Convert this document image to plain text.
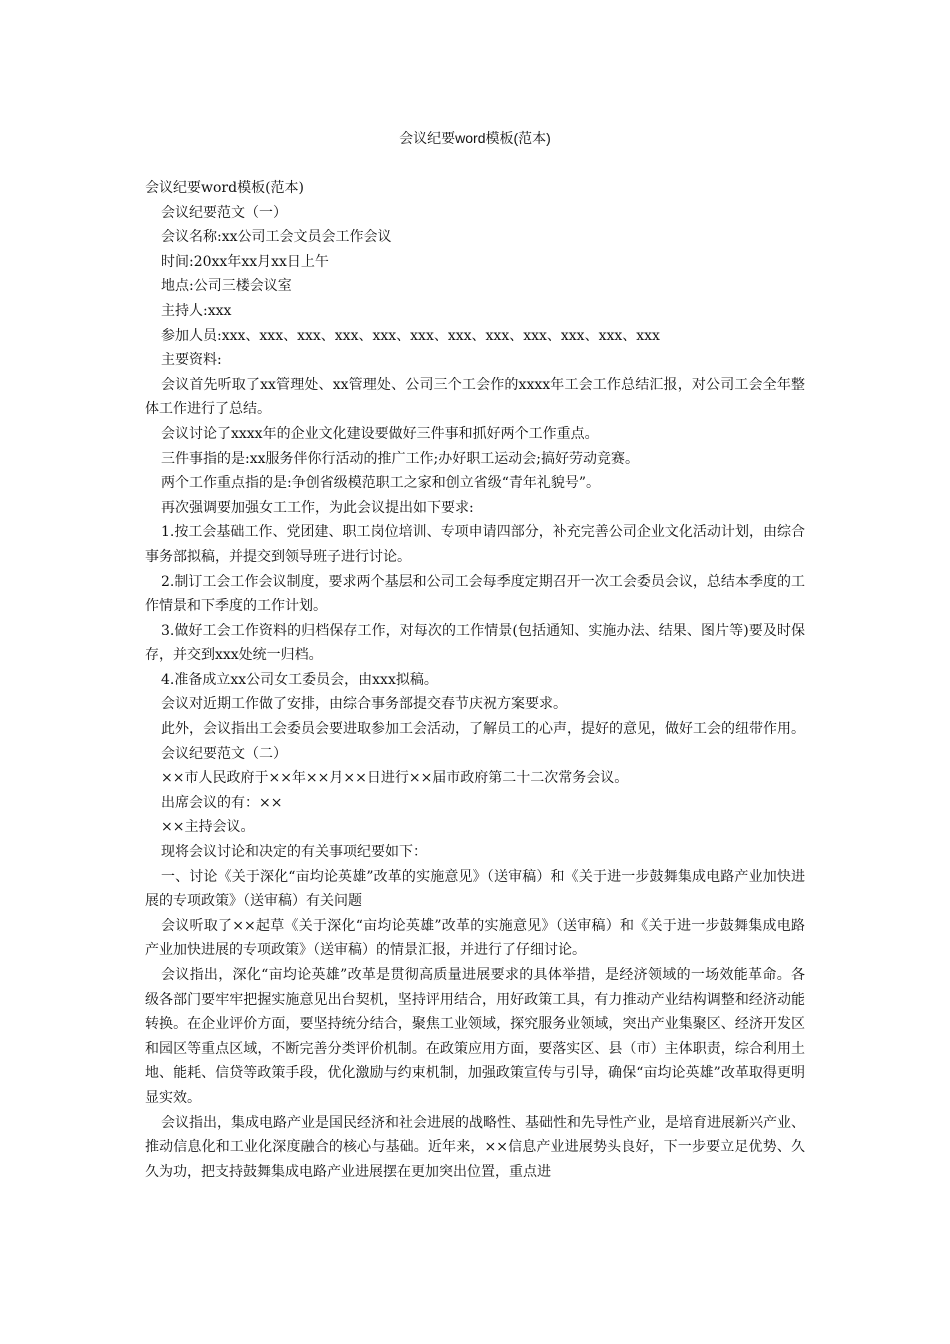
会议纪要word模板(范本)

会议纪要word模板(范本)

会议纪要范文（一）

会议名称:xx公司工会文员会工作会议

时间:20xx年xx月xx日上午

地点:公司三楼会议室

主持人:xxx

参加人员:xxx、xxx、xxx、xxx、xxx、xxx、xxx、xxx、xxx、xxx、xxx、xxx

主要资料:

会议首先听取了xx管理处、xx管理处、公司三个工会作的xxxx年工会工作总结汇报，对公司工会全年整体工作进行了总结。

会议讨论了xxxx年的企业文化建设要做好三件事和抓好两个工作重点。

三件事指的是:xx服务伴你行活动的推广工作;办好职工运动会;搞好劳动竞赛。

两个工作重点指的是:争创省级模范职工之家和创立省级“青年礼貌号”。

再次强调要加强女工工作，为此会议提出如下要求:

1.按工会基础工作、党团建、职工岗位培训、专项申请四部分，补充完善公司企业文化活动计划，由综合事务部拟稿，并提交到领导班子进行讨论。

2.制订工会工作会议制度，要求两个基层和公司工会每季度定期召开一次工会委员会议，总结本季度的工作情景和下季度的工作计划。

3.做好工会工作资料的归档保存工作，对每次的工作情景(包括通知、实施办法、结果、图片等)要及时保存，并交到xxx处统一归档。

4.准备成立xx公司女工委员会，由xxx拟稿。

会议对近期工作做了安排，由综合事务部提交春节庆祝方案要求。

此外，会议指出工会委员会要进取参加工会活动，了解员工的心声，提好的意见，做好工会的纽带作用。

会议纪要范文（二）

××市人民政府于××年××月××日进行××届市政府第二十二次常务会议。

出席会议的有：××

××主持会议。

现将会议讨论和决定的有关事项纪要如下：

一、讨论《关于深化“亩均论英雄”改革的实施意见》（送审稿）和《关于进一步鼓舞集成电路产业加快进展的专项政策》（送审稿）有关问题

会议听取了××起草《关于深化“亩均论英雄”改革的实施意见》（送审稿）和《关于进一步鼓舞集成电路产业加快进展的专项政策》（送审稿）的情景汇报，并进行了仔细讨论。

会议指出，深化“亩均论英雄”改革是贯彻高质量进展要求的具体举措，是经济领域的一场效能革命。各级各部门要牢牢把握实施意见出台契机，坚持评用结合，用好政策工具，有力推动产业结构调整和经济动能转换。在企业评价方面，要坚持统分结合，聚焦工业领域，探究服务业领域，突出产业集聚区、经济开发区和园区等重点区域，不断完善分类评价机制。在政策应用方面，要落实区、县（市）主体职责，综合利用土地、能耗、信贷等政策手段，优化激励与约束机制，加强政策宣传与引导，确保“亩均论英雄”改革取得更明显实效。

会议指出，集成电路产业是国民经济和社会进展的战略性、基础性和先导性产业，是培育进展新兴产业、推动信息化和工业化深度融合的核心与基础。近年来，××信息产业进展势头良好，下一步要立足优势、久久为功，把支持鼓舞集成电路产业进展摆在更加突出位置，重点进
